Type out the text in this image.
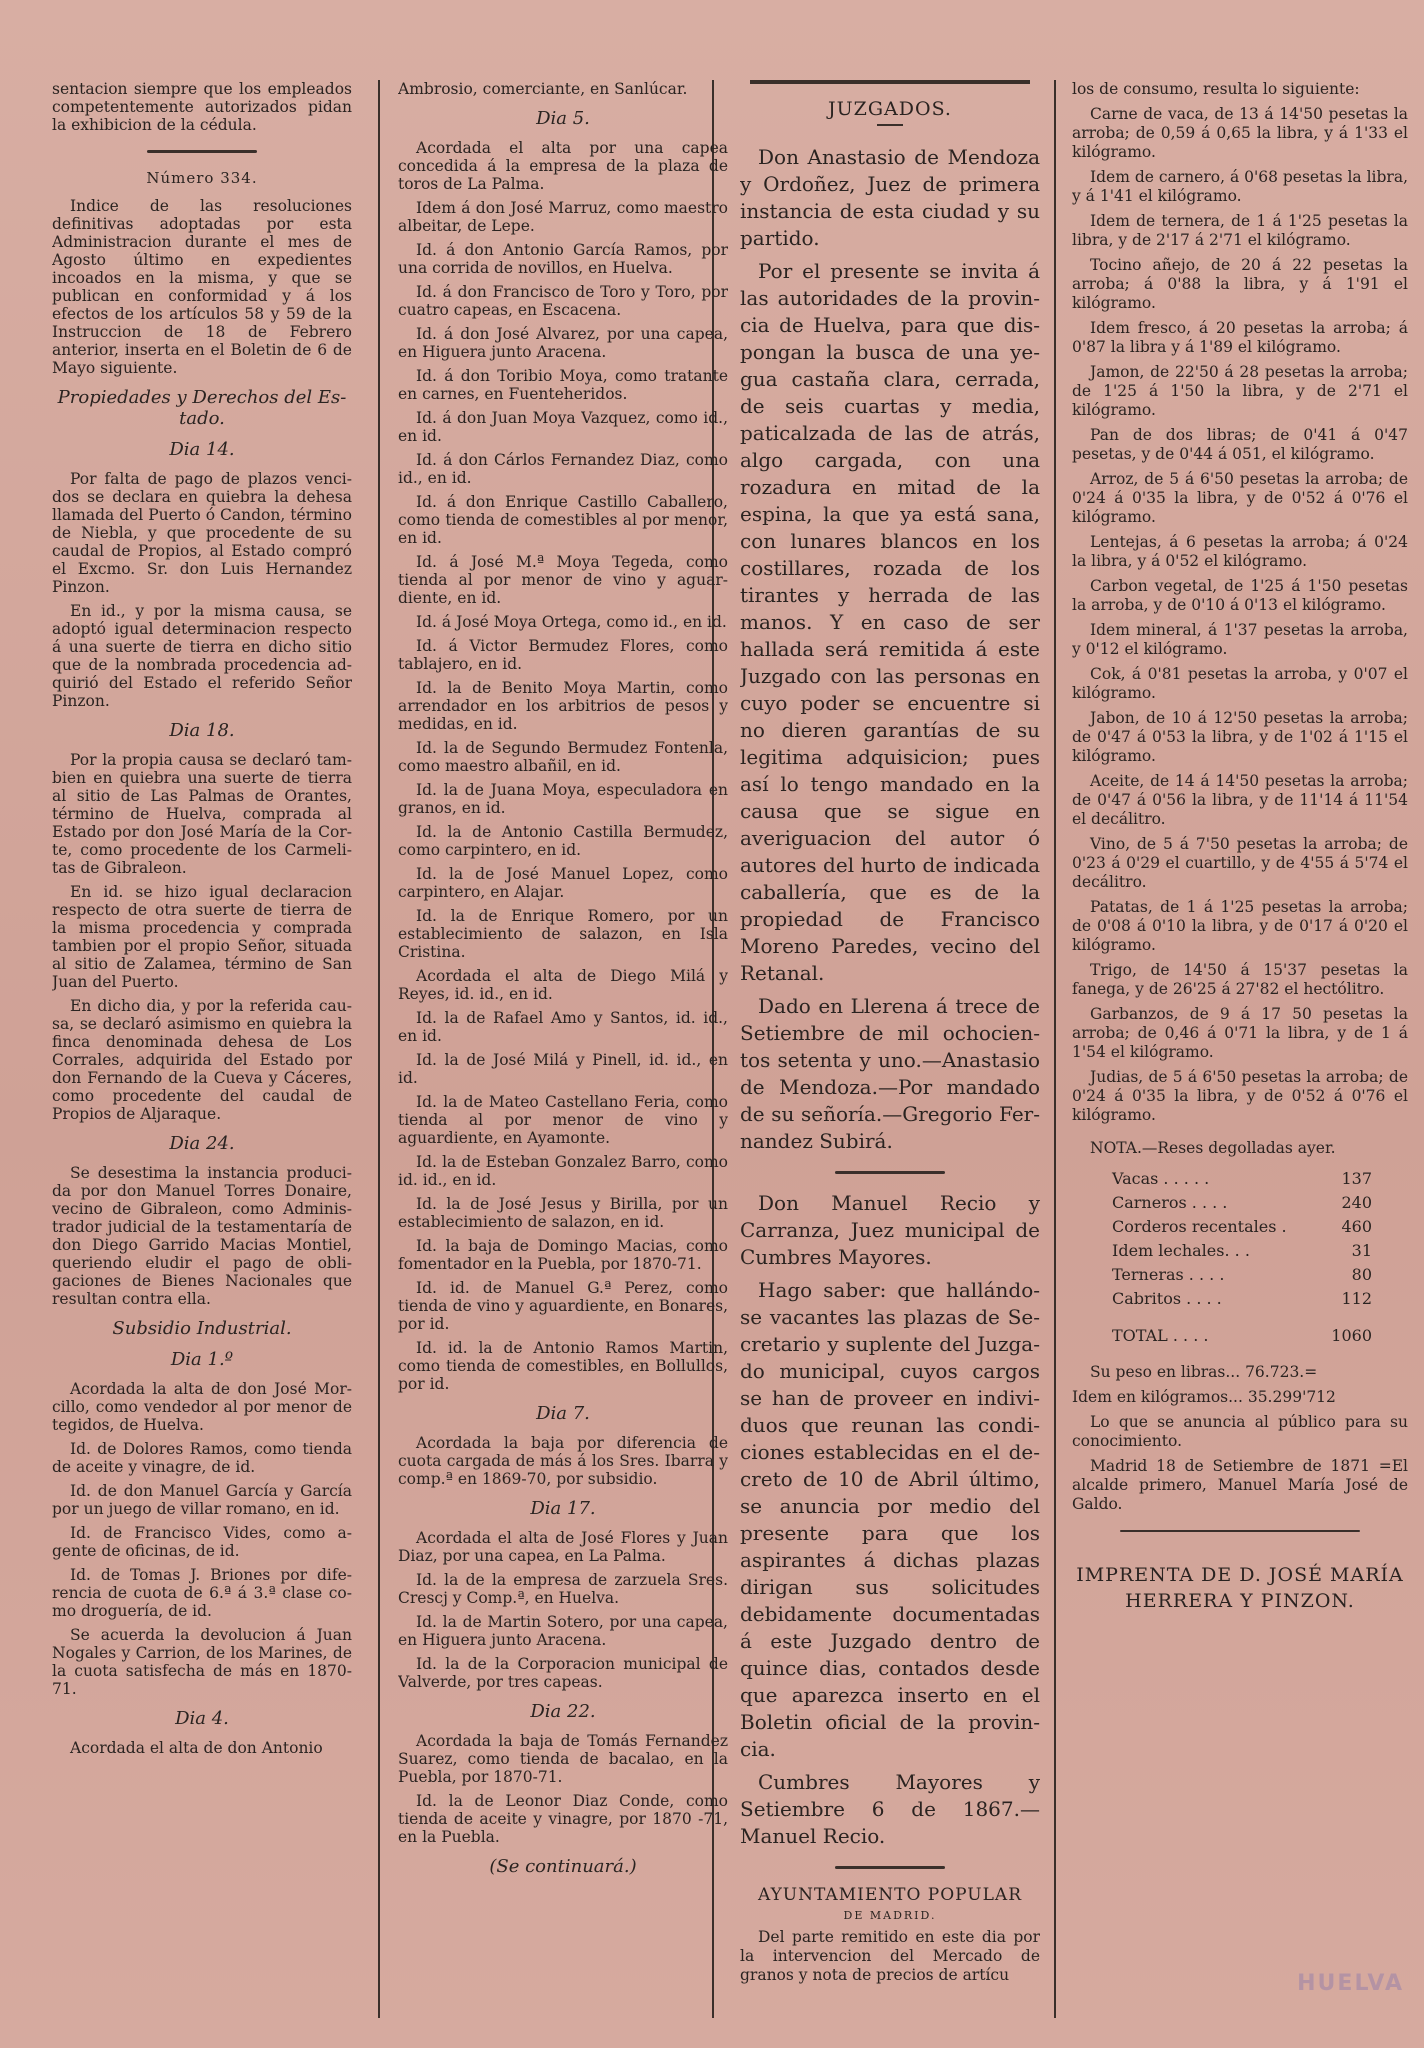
sentacion siempre que los empleados competentemente autorizados pidan la exhibicion de la cédula.

Número 334.

Indice de las resoluciones definitivas adoptadas por esta Administracion durante el mes de Agosto último en expedientes incoados en la misma, y que se publican en conformidad y á los efectos de los artículos 58 y 59 de la Instruccion de 18 de Febrero anterior, inserta en el Boletin de 6 de Mayo siguiente.

Propiedades y Derechos del Estado.
Dia 14.

Por falta de pago de plazos vencidos se declara en quiebra la dehesa llamada del Puerto ó Candon, término de Niebla, y que procedente de su caudal de Propios, al Estado compró el Excmo. Sr. don Luis Hernandez Pinzon.

En id., y por la misma causa, se adoptó igual determinacion respecto á una suerte de tierra en dicho sitio que de la nombrada procedencia adquirió del Estado el referido Señor Pinzon.

Dia 18.

Por la propia causa se declaró tambien en quiebra una suerte de tierra al sitio de Las Palmas de Orantes, término de Huelva, comprada al Estado por don José María de la Corte, como procedente de los Carmelitas de Gibraleon.

En id. se hizo igual declaracion respecto de otra suerte de tierra de la misma procedencia y comprada tambien por el propio Señor, situada al sitio de Zalamea, término de San Juan del Puerto.

En dicho dia, y por la referida causa, se declaró asimismo en quiebra la finca denominada dehesa de Los Corrales, adquirida del Estado por don Fernando de la Cueva y Cáceres, como procedente del caudal de Propios de Aljaraque.

Dia 24.

Se desestima la instancia producida por don Manuel Torres Donaire, vecino de Gibraleon, como Administrador judicial de la testamentaría de don Diego Garrido Macias Montiel, queriendo eludir el pago de obligaciones de Bienes Nacionales que resultan contra ella.

Subsidio Industrial.
Dia 1.º

Acordada la alta de don José Morcillo, como vendedor al por menor de tegidos, de Huelva.

Id. de Dolores Ramos, como tienda de aceite y vinagre, de id.

Id. de don Manuel García y García por un juego de villar romano, en id.

Id. de Francisco Vides, como agente de oficinas, de id.

Id. de Tomas J. Briones por diferencia de cuota de 6.ª á 3.ª clase como droguería, de id.

Se acuerda la devolucion á Juan Nogales y Carrion, de los Marines, de la cuota satisfecha de más en 1870-71.

Dia 4.

Acordada el alta de don Antonio

Ambrosio, comerciante, en Sanlúcar.

Dia 5.

Acordada el alta por una capea concedida á la empresa de la plaza de toros de La Palma.

Idem á don José Marruz, como maestro albeitar, de Lepe.

Id. á don Antonio García Ramos, por una corrida de novillos, en Huelva.

Id. á don Francisco de Toro y Toro, por cuatro capeas, en Escacena.

Id. á don José Alvarez, por una capea, en Higuera junto Aracena.

Id. á don Toribio Moya, como tratante en carnes, en Fuenteheridos.

Id. á don Juan Moya Vazquez, como id., en id.

Id. á don Cárlos Fernandez Diaz, como id., en id.

Id. á don Enrique Castillo Caballero, como tienda de comestibles al por menor, en id.

Id. á José M.ª Moya Tegeda, como tienda al por menor de vino y aguardiente, en id.

Id. á José Moya Ortega, como id., en id.

Id. á Victor Bermudez Flores, como tablajero, en id.

Id. la de Benito Moya Martin, como arrendador en los arbitrios de pesos y medidas, en id.

Id. la de Segundo Bermudez Fontenla, como maestro albañil, en id.

Id. la de Juana Moya, especuladora en granos, en id.

Id. la de Antonio Castilla Bermudez, como carpintero, en id.

Id. la de José Manuel Lopez, como carpintero, en Alajar.

Id. la de Enrique Romero, por un establecimiento de salazon, en Isla Cristina.

Acordada el alta de Diego Milá y Reyes, id. id., en id.

Id. la de Rafael Amo y Santos, id. id., en id.

Id. la de José Milá y Pinell, id. id., en id.

Id. la de Mateo Castellano Feria, como tienda al por menor de vino y aguardiente, en Ayamonte.

Id. la de Esteban Gonzalez Barro, como id. id., en id.

Id. la de José Jesus y Birilla, por un establecimiento de salazon, en id.

Id. la baja de Domingo Macias, como fomentador en la Puebla, por 1870-71.

Id. id. de Manuel G.ª Perez, como tienda de vino y aguardiente, en Bonares, por id.

Id. id. la de Antonio Ramos Martin, como tienda de comestibles, en Bollullos, por id.

Dia 7.

Acordada la baja por diferencia de cuota cargada de más á los Sres. Ibarra y comp.ª en 1869-70, por subsidio.

Dia 17.

Acordada el alta de José Flores y Juan Diaz, por una capea, en La Palma.

Id. la de la empresa de zarzuela Sres. Crescj y Comp.ª, en Huelva.

Id. la de Martin Sotero, por una capea, en Higuera junto Aracena.

Id. la de la Corporacion municipal de Valverde, por tres capeas.

Dia 22.

Acordada la baja de Tomás Fernandez Suarez, como tienda de bacalao, en la Puebla, por 1870-71.

Id. la de Leonor Diaz Conde, como tienda de aceite y vinagre, por 1870 -71, en la Puebla.

(Se continuará.)
JUZGADOS.

Don Anastasio de Mendoza y Ordoñez, Juez de primera instancia de esta ciudad y su partido.

Por el presente se invita á las autoridades de la provincia de Huelva, para que dispongan la busca de una yegua castaña clara, cerrada, de seis cuartas y media, paticalzada de las de atrás, algo cargada, con una rozadura en mitad de la espina, la que ya está sana, con lunares blancos en los costillares, rozada de los tirantes y herrada de las manos. Y en caso de ser hallada será remitida á este Juzgado con las personas en cuyo poder se encuentre si no dieren garantías de su legitima adquisicion; pues así lo tengo mandado en la causa que se sigue en averiguacion del autor ó autores del hurto de indicada caballería, que es de la propiedad de Francisco Moreno Paredes, vecino del Retanal.

Dado en Llerena á trece de Setiembre de mil ochocientos setenta y uno.—Anastasio de Mendoza.—Por mandado de su señoría.—Gregorio Fernandez Subirá.

Don Manuel Recio y Carranza, Juez municipal de Cumbres Mayores.

Hago saber: que hallándose vacantes las plazas de Secretario y suplente del Juzgado municipal, cuyos cargos se han de proveer en individuos que reunan las condiciones establecidas en el decreto de 10 de Abril último, se anuncia por medio del presente para que los aspirantes á dichas plazas dirigan sus solicitudes debidamente documentadas á este Juzgado dentro de quince dias, contados desde que aparezca inserto en el Boletin oficial de la provincia.

Cumbres Mayores y Setiembre 6 de 1867.—Manuel Recio.

AYUNTAMIENTO POPULAR
DE MADRID.

Del parte remitido en este dia por la intervencion del Mercado de granos y nota de precios de artícu

los de consumo, resulta lo siguiente:

Carne de vaca, de 13 á 14'50 pesetas la arroba; de 0,59 á 0,65 la libra, y á 1'33 el kilógramo.

Idem de carnero, á 0'68 pesetas la libra, y á 1'41 el kilógramo.

Idem de ternera, de 1 á 1'25 pesetas la libra, y de 2'17 á 2'71 el kilógramo.

Tocino añejo, de 20 á 22 pesetas la arroba; á 0'88 la libra, y á 1'91 el kilógramo.

Idem fresco, á 20 pesetas la arroba; á 0'87 la libra y á 1'89 el kilógramo.

Jamon, de 22'50 á 28 pesetas la arroba; de 1'25 á 1'50 la libra, y de 2'71 el kilógramo.

Pan de dos libras; de 0'41 á 0'47 pesetas, y de 0'44 á 051, el kilógramo.

Arroz, de 5 á 6'50 pesetas la arroba; de 0'24 á 0'35 la libra, y de 0'52 á 0'76 el kilógramo.

Lentejas, á 6 pesetas la arroba; á 0'24 la libra, y á 0'52 el kilógramo.

Carbon vegetal, de 1'25 á 1'50 pesetas la arroba, y de 0'10 á 0'13 el kilógramo.

Idem mineral, á 1'37 pesetas la arroba, y 0'12 el kilógramo.

Cok, á 0'81 pesetas la arroba, y 0'07 el kilógramo.

Jabon, de 10 á 12'50 pesetas la arroba; de 0'47 á 0'53 la libra, y de 1'02 á 1'15 el kilógramo.

Aceite, de 14 á 14'50 pesetas la arroba; de 0'47 á 0'56 la libra, y de 11'14 á 11'54 el decálitro.

Vino, de 5 á 7'50 pesetas la arroba; de 0'23 á 0'29 el cuartillo, y de 4'55 á 5'74 el decálitro.

Patatas, de 1 á 1'25 pesetas la arroba; de 0'08 á 0'10 la libra, y de 0'17 á 0'20 el kilógramo.

Trigo, de 14'50 á 15'37 pesetas la fanega, y de 26'25 á 27'82 el hectólitro.

Garbanzos, de 9 á 17 50 pesetas la arroba; de 0,46 á 0'71 la libra, y de 1 á 1'54 el kilógramo.

Judias, de 5 á 6'50 pesetas la arroba; de 0'24 á 0'35 la libra, y de 0'52 á 0'76 el kilógramo.

NOTA.—Reses degolladas ayer.

Vacas . . . . .	137
Carneros . . . .	240
Corderos recentales .	460
Idem lechales. . .	31
Terneras . . . .	80
Cabritos . . . .	112
TOTAL . . . .	1060

Su peso en libras... 76.723.=

Idem en kilógramos... 35.299'712

Lo que se anuncia al público para su conocimiento.

Madrid 18 de Setiembre de 1871 =El alcalde primero, Manuel María José de Galdo.

IMPRENTA DE D. JOSÉ MARÍA HERRERA Y PINZON.
HUELVA
